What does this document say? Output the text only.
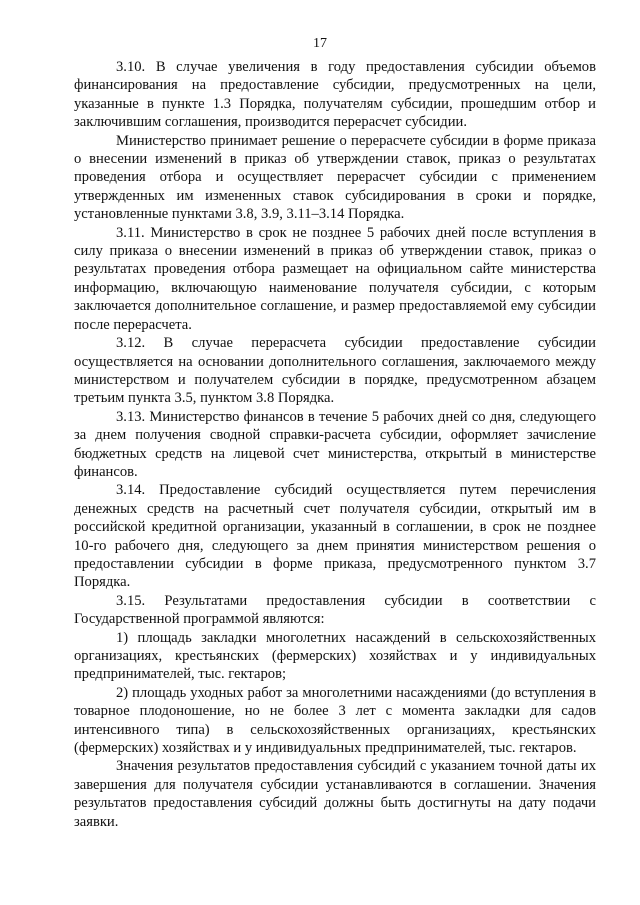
17

3.10. В случае увеличения в году предоставления субсидии объемов финансирования на предоставление субсидии, предусмотренных на цели, указанные в пункте 1.3 Порядка, получателям субсидии, прошедшим отбор и заключившим соглашения, производится перерасчет субсидии.

Министерство принимает решение о перерасчете субсидии в форме приказа о внесении изменений в приказ об утверждении ставок, приказ о результатах проведения отбора и осуществляет перерасчет субсидии с применением утвержденных им измененных ставок субсидирования в сроки и порядке, установленные пунктами 3.8, 3.9, 3.11–3.14 Порядка.

3.11. Министерство в срок не позднее 5 рабочих дней после вступления в силу приказа о внесении изменений в приказ об утверждении ставок, приказ о результатах проведения отбора размещает на официальном сайте министерства информацию, включающую наименование получателя субсидии, с которым заключается дополнительное соглашение, и размер предоставляемой ему субсидии после перерасчета.

3.12. В случае перерасчета субсидии предоставление субсидии осуществляется на основании дополнительного соглашения, заключаемого между министерством и получателем субсидии в порядке, предусмотренном абзацем третьим пункта 3.5, пунктом 3.8 Порядка.

3.13. Министерство финансов в течение 5 рабочих дней со дня, следующего за днем получения сводной справки-расчета субсидии, оформляет зачисление бюджетных средств на лицевой счет министерства, открытый в министерстве финансов.

3.14. Предоставление субсидий осуществляется путем перечисления денежных средств на расчетный счет получателя субсидии, открытый им в российской кредитной организации, указанный в соглашении, в срок не позднее 10-го рабочего дня, следующего за днем принятия министерством решения о предоставлении субсидии в форме приказа, предусмотренного пунктом 3.7 Порядка.

3.15. Результатами предоставления субсидии в соответствии с Государственной программой являются:

1) площадь закладки многолетних насаждений в сельскохозяйственных организациях, крестьянских (фермерских) хозяйствах и у индивидуальных предпринимателей, тыс. гектаров;

2) площадь уходных работ за многолетними насаждениями (до вступления в товарное плодоношение, но не более 3 лет с момента закладки для садов интенсивного типа) в сельскохозяйственных организациях, крестьянских (фермерских) хозяйствах и у индивидуальных предпринимателей, тыс. гектаров.

Значения результатов предоставления субсидий с указанием точной даты их завершения для получателя субсидии устанавливаются в соглашении. Значения результатов предоставления субсидий должны быть достигнуты на дату подачи заявки.
